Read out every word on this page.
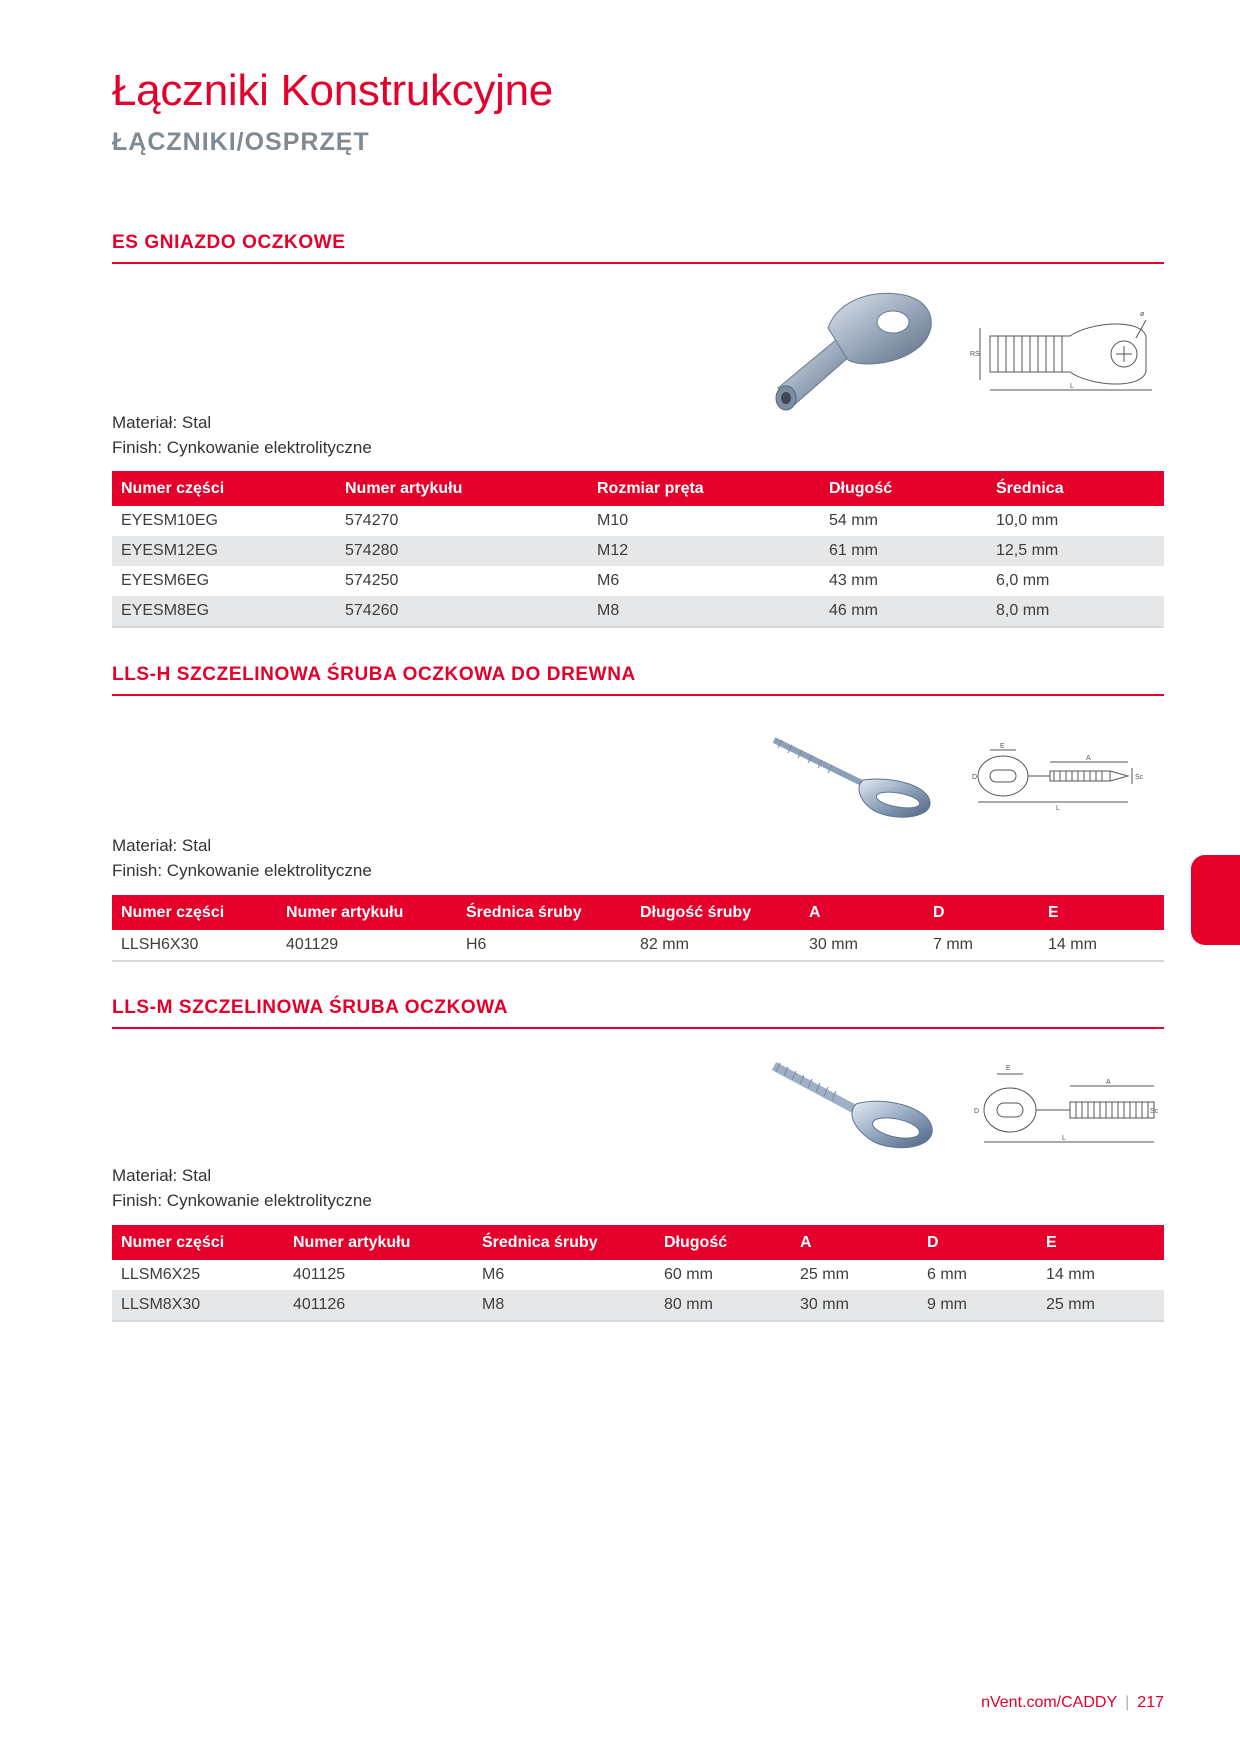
Łączniki Konstrukcyjne
ŁĄCZNIKI/OSPRZĘT
ES GNIAZDO OCZKOWE
ø
RS
L
Materiał: Stal
Finish: Cynkowanie elektrolityczne
Numer części	Numer artykułu	Rozmiar pręta	Długość	Średnica
EYESM10EG	574270	M10	54 mm	10,0 mm
EYESM12EG	574280	M12	61 mm	12,5 mm
EYESM6EG	574250	M6	43 mm	6,0 mm
EYESM8EG	574260	M8	46 mm	8,0 mm
LLS-H SZCZELINOWA ŚRUBA OCZKOWA DO DREWNA
E
A
D	Sc
L
Materiał: Stal
Finish: Cynkowanie elektrolityczne
Numer części	Numer artykułu	Średnica śruby	Długość śruby	A	D	E
LLSH6X30	401129	H6	82 mm	30 mm	7 mm	14 mm
LLS-M SZCZELINOWA ŚRUBA OCZKOWA
E
A
D	Sc
L
Materiał: Stal
Finish: Cynkowanie elektrolityczne
Numer części	Numer artykułu	Średnica śruby	Długość	A	D	E
LLSM6X25	401125	M6	60 mm	25 mm	6 mm	14 mm
LLSM8X30	401126	M8	80 mm	30 mm	9 mm	25 mm
nVent.com/CADDY | 217
